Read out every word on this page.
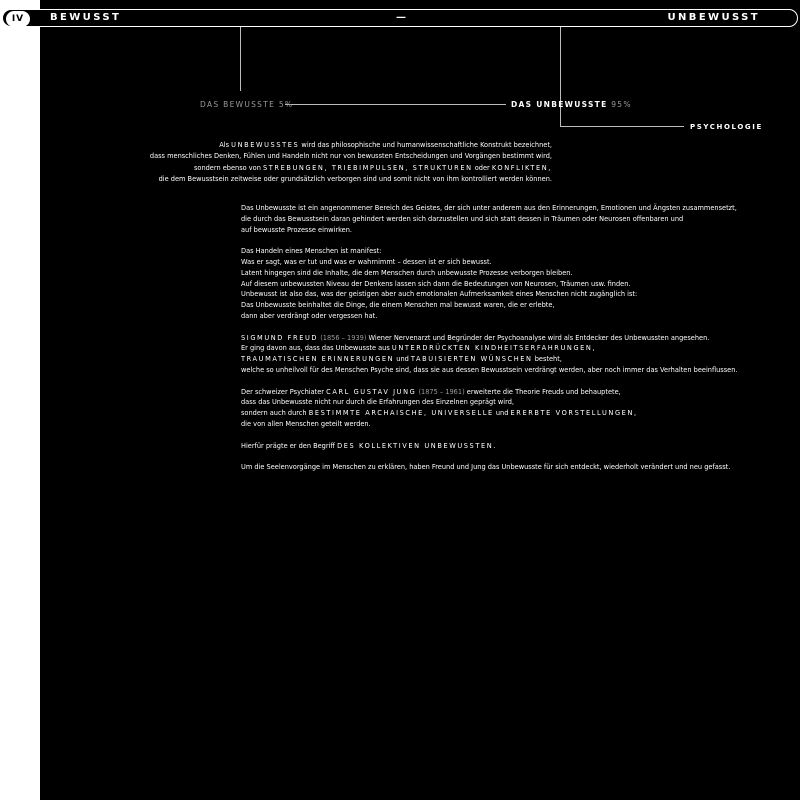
IV	BEWUSST	—	UNBEWUSST
DAS BEWUSSTE 5%	DAS UNBEWUSSTE 95%
PSYCHOLOGIE
Als UNBEWUSSTES wird das philosophische und humanwissenschaftliche Konstrukt bezeichnet,
dass menschliches Denken, Fühlen und Handeln nicht nur von bewussten Entscheidungen und Vorgängen bestimmt wird,
sondern ebenso von STREBUNGEN, TRIEBIMPULSEN, STRUKTUREN oder KONFLIKTEN,
die dem Bewusstsein zeitweise oder grundsätzlich verborgen sind und somit nicht von ihm kontrolliert werden können.

Das Unbewusste ist ein angenommener Bereich des Geistes, der sich unter anderem aus den Erinnerungen, Emotionen und Ängsten zusammensetzt,
die durch das Bewusstsein daran gehindert werden sich darzustellen und sich statt dessen in Träumen oder Neurosen offenbaren und
auf bewusste Prozesse einwirken.

Das Handeln eines Menschen ist manifest:
Was er sagt, was er tut und was er wahrnimmt – dessen ist er sich bewusst.
Latent hingegen sind die Inhalte, die dem Menschen durch unbewusste Prozesse verborgen bleiben.
Auf diesem unbewussten Niveau der Denkens lassen sich dann die Bedeutungen von Neurosen, Träumen usw. finden.
Unbewusst ist also das, was der geistigen aber auch emotionalen Aufmerksamkeit eines Menschen nicht zugänglich ist:
Das Unbewusste beinhaltet die Dinge, die einem Menschen mal bewusst waren, die er erlebte,
dann aber verdrängt oder vergessen hat.

SIGMUND FREUD (1856 – 1939) Wiener Nervenarzt und Begründer der Psychoanalyse wird als Entdecker des Unbewussten angesehen.
Er ging davon aus, dass das Unbewusste aus UNTERDRÜCKTEN KINDHEITSERFAHRUNGEN,
TRAUMATISCHEN ERINNERUNGEN und TABUISIERTEN WÜNSCHEN besteht,
welche so unheilvoll für des Menschen Psyche sind, dass sie aus dessen Bewusstsein verdrängt werden, aber noch immer das Verhalten beeinflussen.

Der schweizer Psychiater CARL GUSTAV JUNG (1875 – 1961) erweiterte die Theorie Freuds und behauptete,
dass das Unbewusste nicht nur durch die Erfahrungen des Einzelnen geprägt wird,
sondern auch durch BESTIMMTE ARCHAISCHE, UNIVERSELLE und ERERBTE VORSTELLUNGEN,
die von allen Menschen geteilt werden.

Hierfür prägte er den Begriff DES KOLLEKTIVEN UNBEWUSSTEN.

Um die Seelenvorgänge im Menschen zu erklären, haben Freund und Jung das Unbewusste für sich entdeckt, wiederholt verändert und neu gefasst.
